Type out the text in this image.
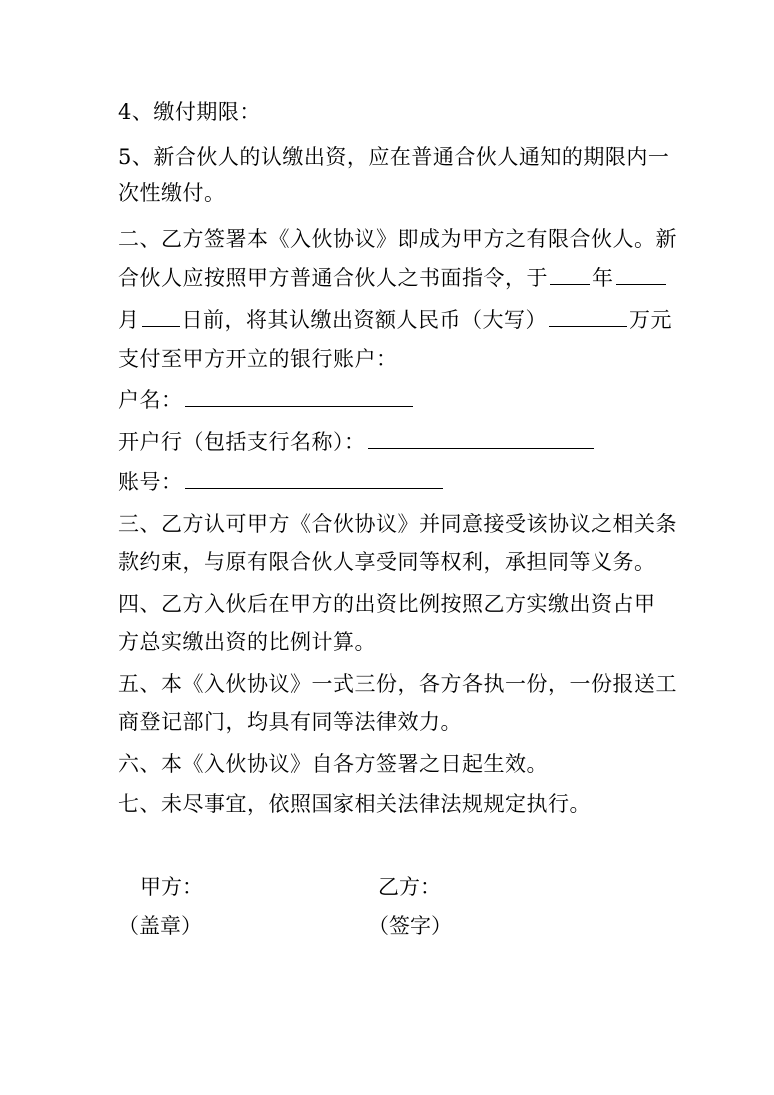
4、缴付期限：
5、新合伙人的认缴出资，应在普通合伙人通知的期限内一
次性缴付。
二、乙方签署本《入伙协议》即成为甲方之有限合伙人。新
合伙人应按照甲方普通合伙人之书面指令，于 年
月 日前，将其认缴出资额人民币（大写）	万元
支付至甲方开立的银行账户：
户名：
开户行（包括支行名称）：
账号：
三、乙方认可甲方《合伙协议》并同意接受该协议之相关条
款约束，与原有限合伙人享受同等权利，承担同等义务。
四、乙方入伙后在甲方的出资比例按照乙方实缴出资占甲
方总实缴出资的比例计算。
五、本《入伙协议》一式三份，各方各执一份，一份报送工
商登记部门，均具有同等法律效力。
六、本《入伙协议》自各方签署之日起生效。
七、未尽事宜，依照国家相关法律法规规定执行。
甲方：
（盖章）
乙方：
（签字）
